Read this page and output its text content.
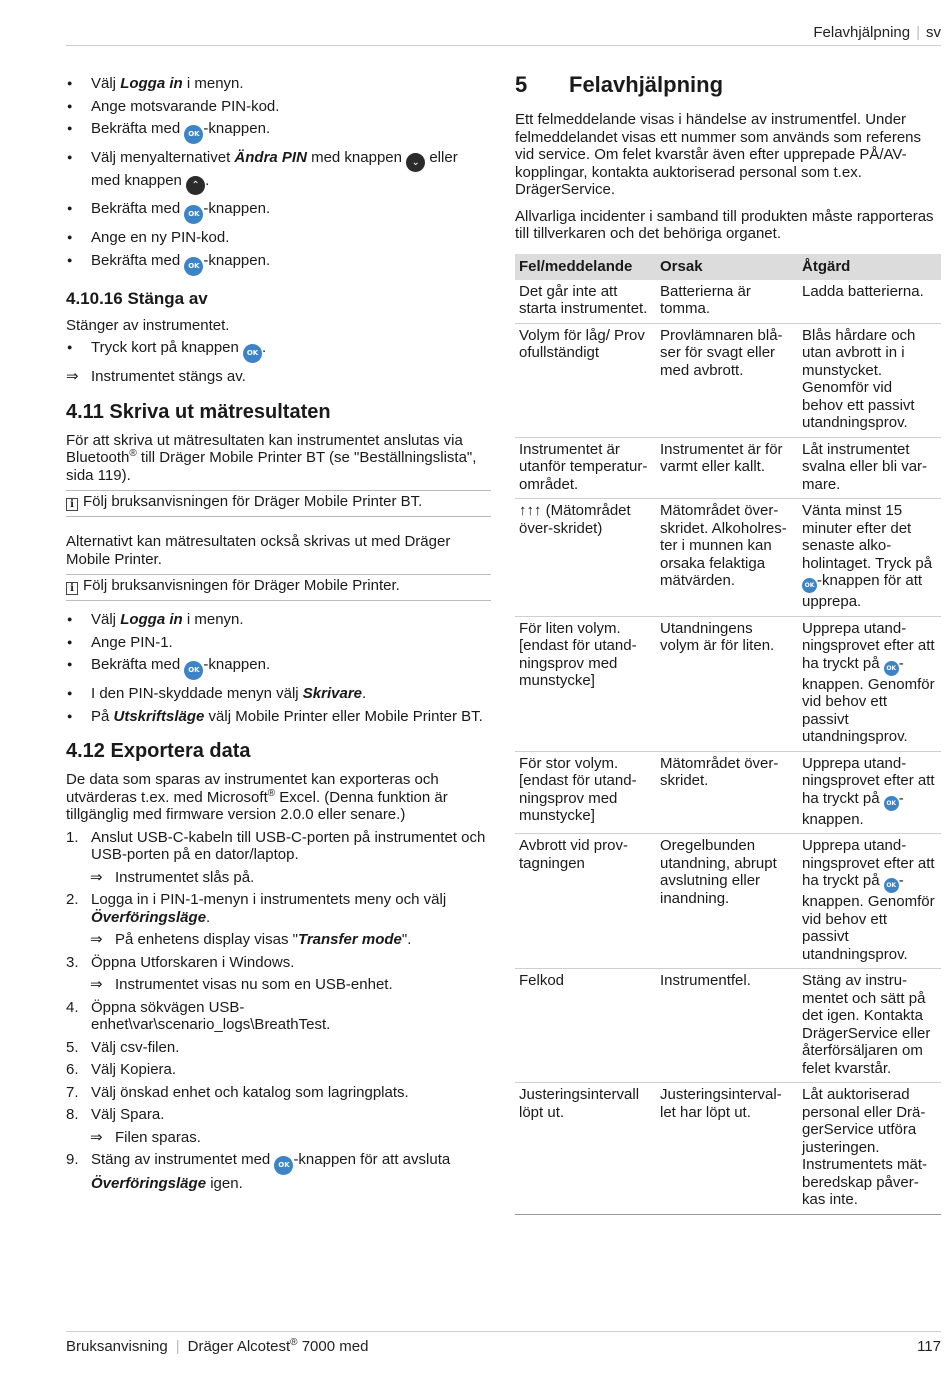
Felavhjälpning | sv
● Välj Logga in i menyn.
● Ange motsvarande PIN-kod.
● Bekräfta med OK -knappen.
● Välj menyalternativet Ändra PIN med knappen ⌄ eller med knappen ⌃ .
● Bekräfta med OK -knappen.
● Ange en ny PIN-kod.
● Bekräfta med OK -knappen.
4.10.16 Stänga av

Stänger av instrumentet.

● Tryck kort på knappen OK .
⇒ Instrumentet stängs av.
4.11 Skriva ut mätresultaten

För att skriva ut mätresultaten kan instrumentet anslutas via Bluetooth® till Dräger Mobile Printer BT (se "Beställningslista", sida 119).

i Följ bruksanvisningen för Dräger Mobile Printer BT.

Alternativt kan mätresultaten också skrivas ut med Dräger Mobile Printer.

i Följ bruksanvisningen för Dräger Mobile Printer.
● Välj Logga in i menyn.
● Ange PIN-1.
● Bekräfta med OK -knappen.
● I den PIN-skyddade menyn välj Skrivare.
● På Utskriftsläge välj Mobile Printer eller Mobile Printer BT.
4.12 Exportera data

De data som sparas av instrumentet kan exporteras och utvärderas t.ex. med Microsoft® Excel. (Denna funktion är tillgänglig med firmware version 2.0.0 eller senare.)

1. Anslut USB-C-kabeln till USB-C-porten på instrumentet och USB-porten på en dator/laptop.
⇒ Instrumentet slås på.
2. Logga in i PIN-1-menyn i instrumentets meny och välj Överföringsläge.
⇒ På enhetens display visas "Transfer mode".
3. Öppna Utforskaren i Windows.
⇒ Instrumentet visas nu som en USB-enhet.
4. Öppna sökvägen USB-enhet\var\scenario_logs\BreathTest.
5. Välj csv-filen.
6. Välj Kopiera.
7. Välj önskad enhet och katalog som lagringplats.
8. Välj Spara.
⇒ Filen sparas.
9. Stäng av instrumentet med OK -knappen för att avsluta Överföringsläge igen.
5 Felavhjälpning

Ett felmeddelande visas i händelse av instrumentfel. Under felmeddelandet visas ett nummer som används som referens vid service. Om felet kvarstår även efter upprepade PÅ/AV-kopplingar, kontakta auktoriserad personal som t.ex. DrägerService.

Allvarliga incidenter i samband till produkten måste rapporteras till tillverkaren och det behöriga organet.

Fel/meddelande	Orsak	Åtgärd
Det går inte att starta instrumentet.	Batterierna är tomma.	Ladda batterierna.
Volym för låg/ Prov ofullständigt	Provlämnaren blå-ser för svagt eller med avbrott.	Blås hårdare och utan avbrott in i munstycket. Genomför vid behov ett passivt utandningsprov.
Instrumentet är utanför temperatur-området.	Instrumentet är för varmt eller kallt.	Låt instrumentet svalna eller bli var-mare.
↑↑↑ (Mätområdet över-skridet)	Mätområdet över-skridet. Alkoholres-ter i munnen kan orsaka felaktiga mätvärden.	Vänta minst 15 minuter efter det senaste alko-holintaget. Tryck på OK -knappen för att upprepa.
För liten volym. [endast för utand-ningsprov med munstycke]	Utandningens volym är för liten.	Upprepa utand-ningsprovet efter att ha tryckt på OK -knappen. Genomför vid behov ett passivt utandningsprov.
För stor volym. [endast för utand-ningsprov med munstycke]	Mätområdet över-skridet.	Upprepa utand-ningsprovet efter att ha tryckt på OK -knappen.
Avbrott vid prov-tagningen	Oregelbunden utandning, abrupt avslutning eller inandning.	Upprepa utand-ningsprovet efter att ha tryckt på OK -knappen. Genomför vid behov ett passivt utandningsprov.
Felkod	Instrumentfel.	Stäng av instru-mentet och sätt på det igen. Kontakta DrägerService eller återförsäljaren om felet kvarstår.
Justeringsintervall löpt ut.	Justeringsinterval-let har löpt ut.	Låt auktoriserad personal eller Drä-gerService utföra justeringen. Instrumentets mät-beredskap påver-kas inte.
Bruksanvisning | Dräger Alcotest® 7000 med	117
